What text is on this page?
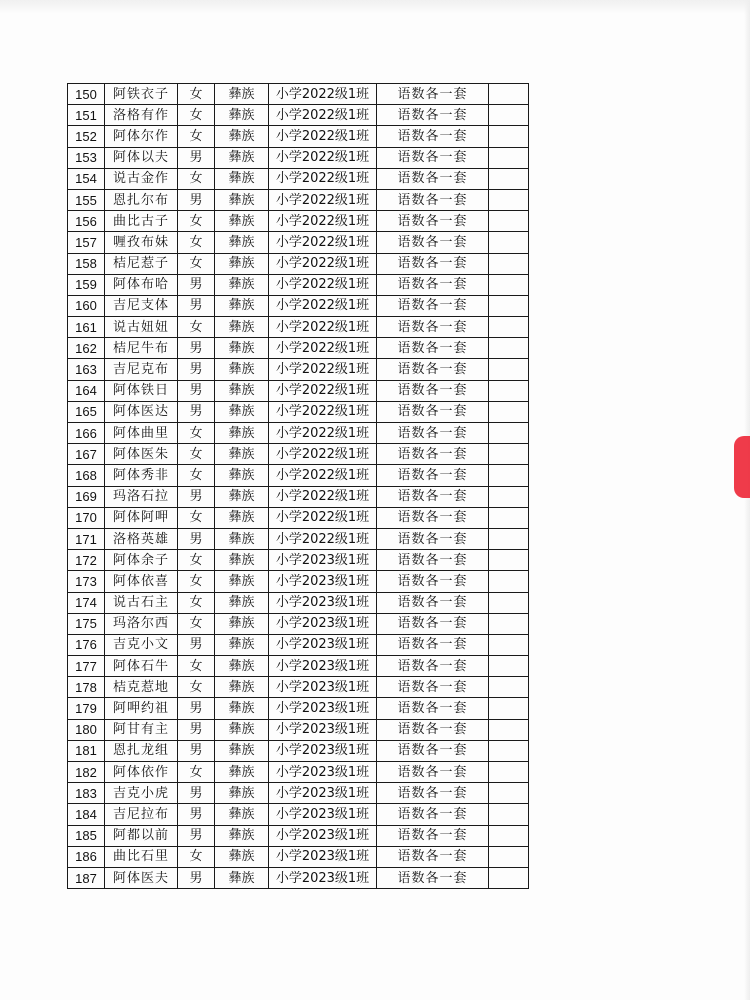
150	阿铁衣子	女	彝族	小学2022级1班	语数各一套	
151	洛格有作	女	彝族	小学2022级1班	语数各一套	
152	阿体尔作	女	彝族	小学2022级1班	语数各一套	
153	阿体以夫	男	彝族	小学2022级1班	语数各一套	
154	说古金作	女	彝族	小学2022级1班	语数各一套	
155	恩扎尔布	男	彝族	小学2022级1班	语数各一套	
156	曲比古子	女	彝族	小学2022级1班	语数各一套	
157	喱孜布妹	女	彝族	小学2022级1班	语数各一套	
158	桔尼惹子	女	彝族	小学2022级1班	语数各一套	
159	阿体布哈	男	彝族	小学2022级1班	语数各一套	
160	吉尼支体	男	彝族	小学2022级1班	语数各一套	
161	说古妞妞	女	彝族	小学2022级1班	语数各一套	
162	桔尼牛布	男	彝族	小学2022级1班	语数各一套	
163	吉尼克布	男	彝族	小学2022级1班	语数各一套	
164	阿体铁日	男	彝族	小学2022级1班	语数各一套	
165	阿体医达	男	彝族	小学2022级1班	语数各一套	
166	阿体曲里	女	彝族	小学2022级1班	语数各一套	
167	阿体医朱	女	彝族	小学2022级1班	语数各一套	
168	阿体秀非	女	彝族	小学2022级1班	语数各一套	
169	玛洛石拉	男	彝族	小学2022级1班	语数各一套	
170	阿体阿呷	女	彝族	小学2022级1班	语数各一套	
171	洛格英雄	男	彝族	小学2022级1班	语数各一套	
172	阿体余子	女	彝族	小学2023级1班	语数各一套	
173	阿体依喜	女	彝族	小学2023级1班	语数各一套	
174	说古石主	女	彝族	小学2023级1班	语数各一套	
175	玛洛尔西	女	彝族	小学2023级1班	语数各一套	
176	吉克小文	男	彝族	小学2023级1班	语数各一套	
177	阿体石牛	女	彝族	小学2023级1班	语数各一套	
178	桔克惹地	女	彝族	小学2023级1班	语数各一套	
179	阿呷约祖	男	彝族	小学2023级1班	语数各一套	
180	阿甘有主	男	彝族	小学2023级1班	语数各一套	
181	恩扎龙组	男	彝族	小学2023级1班	语数各一套	
182	阿体依作	女	彝族	小学2023级1班	语数各一套	
183	吉克小虎	男	彝族	小学2023级1班	语数各一套	
184	吉尼拉布	男	彝族	小学2023级1班	语数各一套	
185	阿都以前	男	彝族	小学2023级1班	语数各一套	
186	曲比石里	女	彝族	小学2023级1班	语数各一套	
187	阿体医夫	男	彝族	小学2023级1班	语数各一套	
